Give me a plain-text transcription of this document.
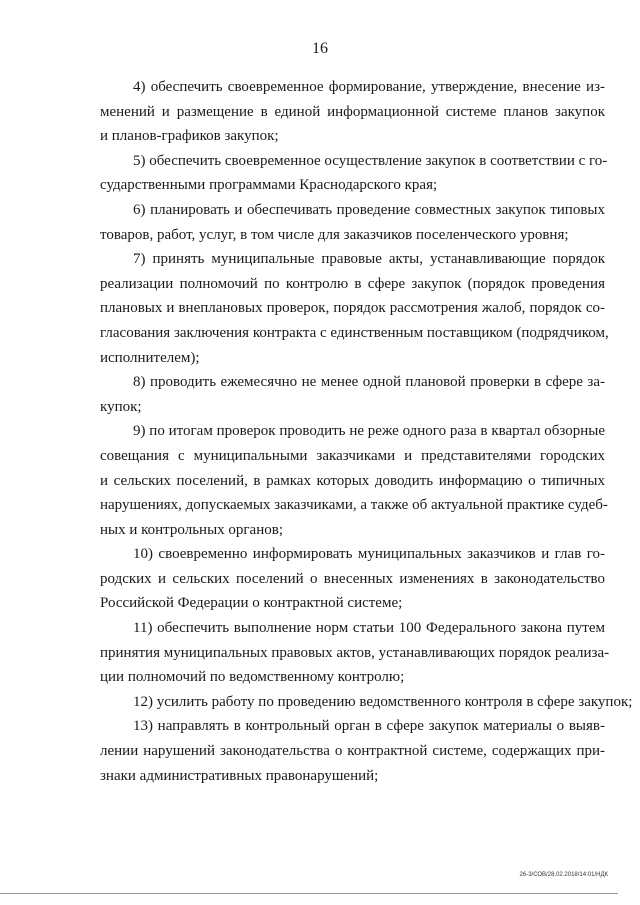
16
4) обеспечить своевременное формирование, утверждение, внесение из-
менений и размещение в единой информационной системе планов закупок
и планов-графиков закупок;
5) обеспечить своевременное осуществление закупок в соответствии с го-
сударственными программами Краснодарского края;
6) планировать и обеспечивать проведение совместных закупок типовых
товаров, работ, услуг, в том числе для заказчиков поселенческого уровня;
7) принять муниципальные правовые акты, устанавливающие порядок
реализации полномочий по контролю в сфере закупок (порядок проведения
плановых и внеплановых проверок, порядок рассмотрения жалоб, порядок со-
гласования заключения контракта с единственным поставщиком (подрядчиком,
исполнителем);
8) проводить ежемесячно не менее одной плановой проверки в сфере за-
купок;
9) по итогам проверок проводить не реже одного раза в квартал обзорные
совещания с муниципальными заказчиками и представителями городских
и сельских поселений, в рамках которых доводить информацию о типичных
нарушениях, допускаемых заказчиками, а также об актуальной практике судеб-
ных и контрольных органов;
10) своевременно информировать муниципальных заказчиков и глав го-
родских и сельских поселений о внесенных изменениях в законодательство
Российской Федерации о контрактной системе;
11) обеспечить выполнение норм статьи 100 Федерального закона путем
принятия муниципальных правовых актов, устанавливающих порядок реализа-
ции полномочий по ведомственному контролю;
12) усилить работу по проведению ведомственного контроля в сфере закупок;
13) направлять в контрольный орган в сфере закупок материалы о выяв-
лении нарушений законодательства о контрактной системе, содержащих при-
знаки административных правонарушений;
26-3/СОВ/28.02.2018/14:01/НДК
